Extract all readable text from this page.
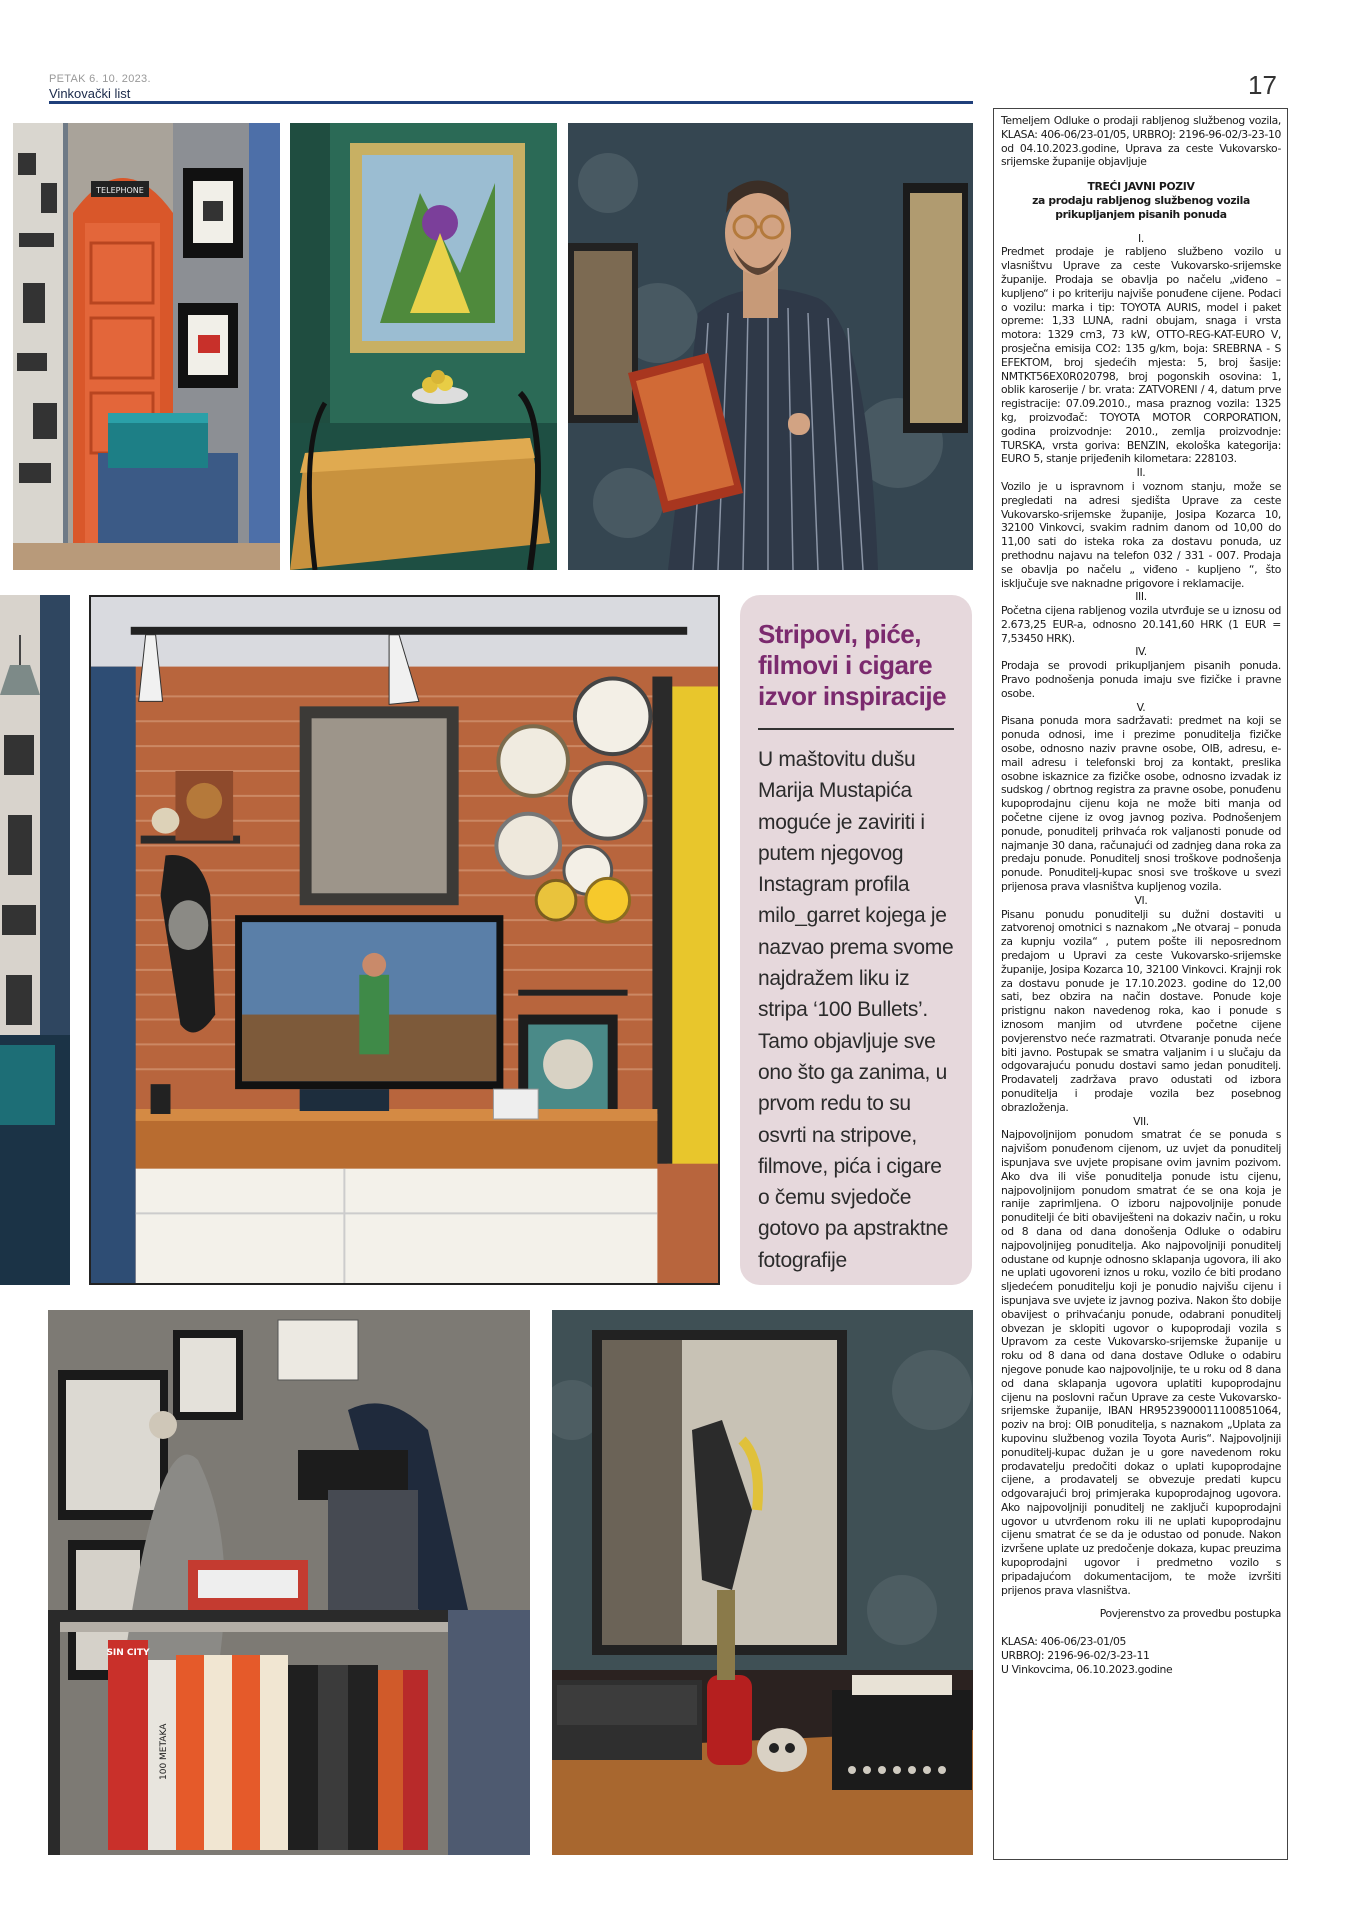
PETAK 6. 10. 2023.
Vinkovački list	17
TELEPHONE
Stripovi, piće, filmovi i cigare izvor inspiracije
U maštovitu dušu Marija Mustapića moguće je zaviriti i putem njegovog Instagram profila milo_garret kojega je nazvao prema svome najdražem liku iz stripa ‘100 Bullets’. Tamo objavljuje sve ono što ga zanima, u prvom redu to su osvrti na stripove, filmove, pića i cigare o čemu svjedoče gotovo pa apstraktne fotografije
SIN CITY
100 METAKA

Temeljem Odluke o prodaji rabljenog službenog vozila, KLASA: 406-06/23-01/05, URBROJ: 2196-96-02/3-23-10 od 04.10.2023.godine, Uprava za ceste Vukovarsko-srijemske županije objavljuje

TREĆI JAVNI POZIV

za prodaju rabljenog službenog vozila prikupljanjem pisanih ponuda

I.

Predmet prodaje je rabljeno službeno vozilo u vlasništvu Uprave za ceste Vukovarsko-srijemske županije. Prodaja se obavlja po načelu „viđeno – kupljeno“ i po kriteriju najviše ponuđene cijene. Podaci o vozilu: marka i tip: TOYOTA AURIS, model i paket opreme: 1,33 LUNA, radni obujam, snaga i vrsta motora: 1329 cm3, 73 kW, OTTO-REG-KAT-EURO V, prosječna emisija CO2: 135 g/km, boja: SREBRNA - S EFEKTOM, broj sjedećih mjesta: 5, broj šasije: NMTKT56EX0R020798, broj pogonskih osovina: 1, oblik karoserije / br. vrata: ZATVORENI / 4, datum prve registracije: 07.09.2010., masa praznog vozila: 1325 kg, proizvođač: TOYOTA MOTOR CORPORATION, godina proizvodnje: 2010., zemlja proizvodnje: TURSKA, vrsta goriva: BENZIN, ekološka kategorija: EURO 5, stanje prijeđenih kilometara: 228103.

II.

Vozilo je u ispravnom i voznom stanju, može se pregledati na adresi sjedišta Uprave za ceste Vukovarsko-srijemske županije, Josipa Kozarca 10, 32100 Vinkovci, svakim radnim danom od 10,00 do 11,00 sati do isteka roka za dostavu ponuda, uz prethodnu najavu na telefon 032 / 331 - 007. Prodaja se obavlja po načelu „ viđeno - kupljeno “, što isključuje sve naknadne prigovore i reklamacije.

III.

Početna cijena rabljenog vozila utvrđuje se u iznosu od 2.673,25 EUR-a, odnosno 20.141,60 HRK (1 EUR = 7,53450 HRK).

IV.

Prodaja se provodi prikupljanjem pisanih ponuda. Pravo podnošenja ponuda imaju sve fizičke i pravne osobe.

V.

Pisana ponuda mora sadržavati: predmet na koji se ponuda odnosi, ime i prezime ponuditelja fizičke osobe, odnosno naziv pravne osobe, OIB, adresu, e-mail adresu i telefonski broj za kontakt, preslika osobne iskaznice za fizičke osobe, odnosno izvadak iz sudskog / obrtnog registra za pravne osobe, ponuđenu kupoprodajnu cijenu koja ne može biti manja od početne cijene iz ovog javnog poziva. Podnošenjem ponude, ponuditelj prihvaća rok valjanosti ponude od najmanje 30 dana, računajući od zadnjeg dana roka za predaju ponude. Ponuditelj snosi troškove podnošenja ponude. Ponuditelj-kupac snosi sve troškove u svezi prijenosa prava vlasništva kupljenog vozila.

VI.

Pisanu ponudu ponuditelji su dužni dostaviti u zatvorenoj omotnici s naznakom „Ne otvaraj – ponuda za kupnju vozila“ , putem pošte ili neposrednom predajom u Upravi za ceste Vukovarsko-srijemske županije, Josipa Kozarca 10, 32100 Vinkovci. Krajnji rok za dostavu ponude je 17.10.2023. godine do 12,00 sati, bez obzira na način dostave. Ponude koje pristignu nakon navedenog roka, kao i ponude s iznosom manjim od utvrđene početne cijene povjerenstvo neće razmatrati. Otvaranje ponuda neće biti javno. Postupak se smatra valjanim i u slučaju da odgovarajuću ponudu dostavi samo jedan ponuditelj. Prodavatelj zadržava pravo odustati od izbora ponuditelja i prodaje vozila bez posebnog obrazloženja.

VII.

Najpovoljnijom ponudom smatrat će se ponuda s najvišom ponuđenom cijenom, uz uvjet da ponuditelj ispunjava sve uvjete propisane ovim javnim pozivom. Ako dva ili više ponuditelja ponude istu cijenu, najpovoljnijom ponudom smatrat će se ona koja je ranije zaprimljena. O izboru najpovoljnije ponude ponuditelji će biti obaviješteni na dokaziv način, u roku od 8 dana od dana donošenja Odluke o odabiru najpovoljnijeg ponuditelja. Ako najpovoljniji ponuditelj odustane od kupnje odnosno sklapanja ugovora, ili ako ne uplati ugovoreni iznos u roku, vozilo će biti prodano sljedećem ponuditelju koji je ponudio najvišu cijenu i ispunjava sve uvjete iz javnog poziva. Nakon što dobije obavijest o prihvaćanju ponude, odabrani ponuditelj obvezan je sklopiti ugovor o kupoprodaji vozila s Upravom za ceste Vukovarsko-srijemske županije u roku od 8 dana od dana dostave Odluke o odabiru njegove ponude kao najpovoljnije, te u roku od 8 dana od dana sklapanja ugovora uplatiti kupoprodajnu cijenu na poslovni račun Uprave za ceste Vukovarsko-srijemske županije, IBAN HR9523900011100851064, poziv na broj: OIB ponuditelja, s naznakom „Uplata za kupovinu službenog vozila Toyota Auris“. Najpovoljniji ponuditelj-kupac dužan je u gore navedenom roku prodavatelju predočiti dokaz o uplati kupoprodajne cijene, a prodavatelj se obvezuje predati kupcu odgovarajući broj primjeraka kupoprodajnog ugovora. Ako najpovoljniji ponuditelj ne zaključi kupoprodajni ugovor u utvrđenom roku ili ne uplati kupoprodajnu cijenu smatrat će se da je odustao od ponude. Nakon izvršene uplate uz predočenje dokaza, kupac preuzima kupoprodajni ugovor i predmetno vozilo s pripadajućom dokumentacijom, te može izvršiti prijenos prava vlasništva.

Povjerenstvo za provedbu postupka

KLASA: 406-06/23-01/05

URBROJ: 2196-96-02/3-23-11

U Vinkovcima, 06.10.2023.godine
